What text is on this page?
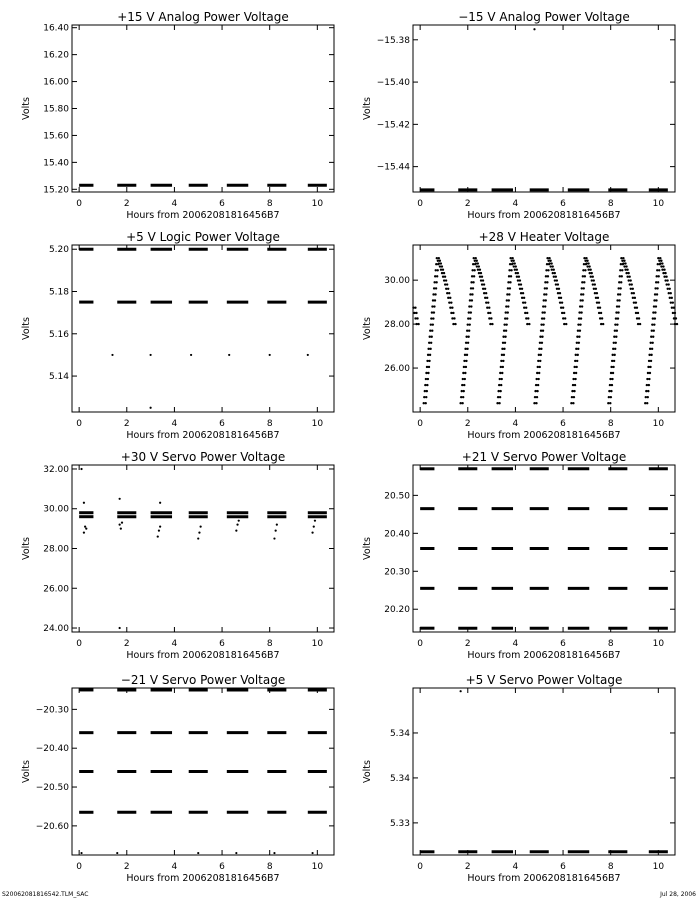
+15 V Analog Power Voltage
0	2	4	6	8	10
15.20
15.40
15.60
15.80
16.00
16.20
16.40
Hours from 20062081816456B7
Volts
−15 V Analog Power Voltage
0	2	4	6	8	10
−15.38
−15.40
−15.42
−15.44
Hours from 20062081816456B7
Volts
+5 V Logic Power Voltage
0	2	4	6	8	10
5.14
5.16
5.18
5.20
Hours from 20062081816456B7
Volts
+28 V Heater Voltage
0	2	4	6	8	10
26.00
28.00
30.00
Hours from 20062081816456B7
Volts
+30 V Servo Power Voltage
0	2	4	6	8	10
24.00
26.00
28.00
30.00
32.00
Hours from 20062081816456B7
Volts
+21 V Servo Power Voltage
0	2	4	6	8	10
20.20
20.30
20.40
20.50
Hours from 20062081816456B7
Volts
−21 V Servo Power Voltage
0	2	4	6	8	10
−20.30
−20.40
−20.50
−20.60
Hours from 20062081816456B7
Volts
+5 V Servo Power Voltage
0	2	4	6	8	10
5.33
5.34
5.34
Hours from 20062081816456B7
Volts
S20062081816542.TLM_SAC	Jul 28, 2006
